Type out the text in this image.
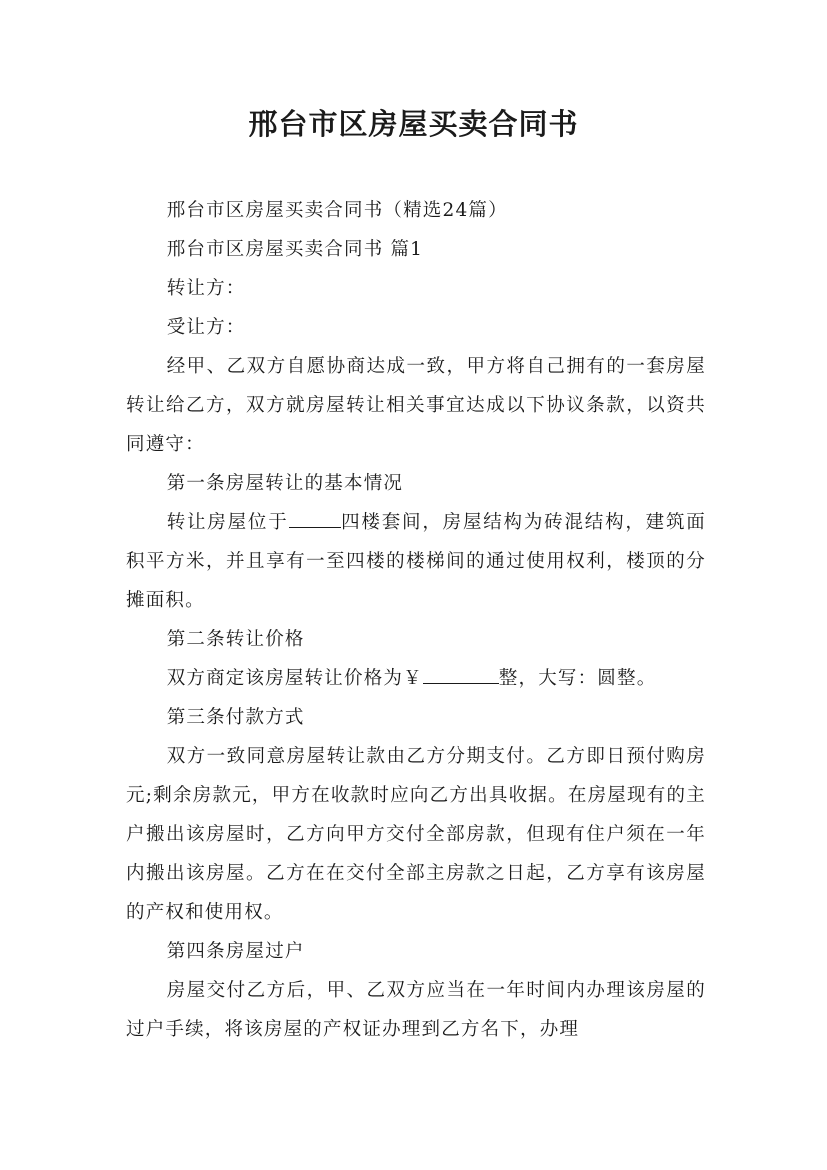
邢台市区房屋买卖合同书

邢台市区房屋买卖合同书（精选24篇）

邢台市区房屋买卖合同书 篇1

转让方：

受让方：

经甲、乙双方自愿协商达成一致，甲方将自己拥有的一套房屋转让给乙方，双方就房屋转让相关事宜达成以下协议条款，以资共同遵守：

第一条房屋转让的基本情况

转让房屋位于	四楼套间，房屋结构为砖混结构，建筑面积平方米，并且享有一至四楼的楼梯间的通过使用权利，楼顶的分摊面积。

第二条转让价格

双方商定该房屋转让价格为￥	整，大写：圆整。

第三条付款方式

双方一致同意房屋转让款由乙方分期支付。乙方即日预付购房元;剩余房款元，甲方在收款时应向乙方出具收据。在房屋现有的主户搬出该房屋时，乙方向甲方交付全部房款，但现有住户须在一年内搬出该房屋。乙方在在交付全部主房款之日起，乙方享有该房屋的产权和使用权。

第四条房屋过户

房屋交付乙方后，甲、乙双方应当在一年时间内办理该房屋的过户手续，将该房屋的产权证办理到乙方名下，办理
